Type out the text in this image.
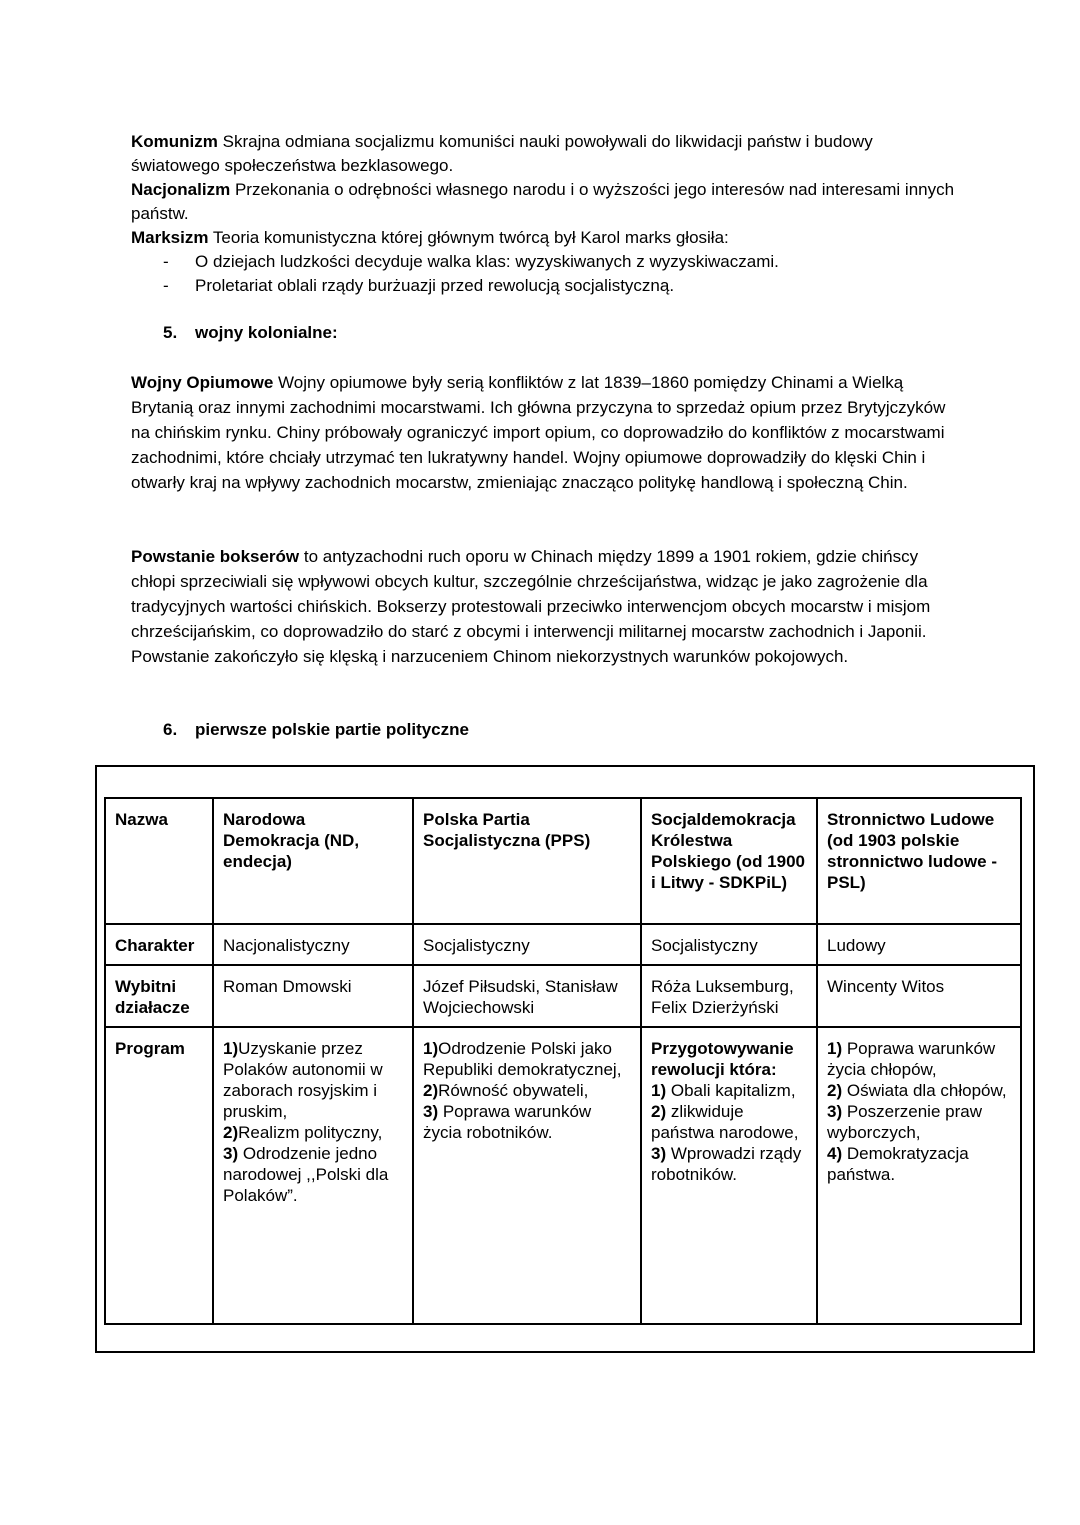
Komunizm Skrajna odmiana socjalizmu komuniści nauki powoływali do likwidacji państw i budowy światowego społeczeństwa bezklasowego.

Nacjonalizm Przekonania o odrębności własnego narodu i o wyższości jego interesów nad interesami innych państw.

Marksizm Teoria komunistyczna której głównym twórcą był Karol marks głosiła:

- O dziejach ludzkości decyduje walka klas: wyzyskiwanych z wyzyskiwaczami.
- Proletariat oblali rządy burżuazji przed rewolucją socjalistyczną.
5. wojny kolonialne:

Wojny Opiumowe Wojny opiumowe były serią konfliktów z lat 1839–1860 pomiędzy Chinami a Wielką Brytanią oraz innymi zachodnimi mocarstwami. Ich główna przyczyna to sprzedaż opium przez Brytyjczyków na chińskim rynku. Chiny próbowały ograniczyć import opium, co doprowadziło do konfliktów z mocarstwami zachodnimi, które chciały utrzymać ten lukratywny handel. Wojny opiumowe doprowadziły do klęski Chin i otwarły kraj na wpływy zachodnich mocarstw, zmieniając znacząco politykę handlową i społeczną Chin.

Powstanie bokserów to antyzachodni ruch oporu w Chinach między 1899 a 1901 rokiem, gdzie chińscy chłopi sprzeciwiali się wpływowi obcych kultur, szczególnie chrześcijaństwa, widząc je jako zagrożenie dla tradycyjnych wartości chińskich. Bokserzy protestowali przeciwko interwencjom obcych mocarstw i misjom chrześcijańskim, co doprowadziło do starć z obcymi i interwencji militarnej mocarstw zachodnich i Japonii. Powstanie zakończyło się klęską i narzuceniem Chinom niekorzystnych warunków pokojowych.

6. pierwsze polskie partie polityczne
Nazwa	Narodowa Demokracja (ND, endecja)	Polska Partia Socjalistyczna (PPS)	Socjaldemokracja Królestwa Polskiego (od 1900 i Litwy - SDKPiL)	Stronnictwo Ludowe (od 1903 polskie stronnictwo ludowe - PSL)
Charakter	Nacjonalistyczny	Socjalistyczny	Socjalistyczny	Ludowy
Wybitni działacze	Roman Dmowski	Józef Piłsudski, Stanisław Wojciechowski	Róża Luksemburg, Felix Dzierżyński	Wincenty Witos
Program	1)Uzyskanie przez Polaków autonomii w zaborach rosyjskim i pruskim,
2)Realizm polityczny,
3) Odrodzenie jedno narodowej ,,Polski dla Polaków”.	1)Odrodzenie Polski jako Republiki demokratycznej,
2)Równość obywateli,
3) Poprawa warunków życia robotników.	Przygotowywanie rewolucji która:
1) Obali kapitalizm,
2) zlikwiduje państwa narodowe,
3) Wprowadzi rządy robotników.	1) Poprawa warunków życia chłopów,
2) Oświata dla chłopów,
3) Poszerzenie praw wyborczych,
4) Demokratyzacja państwa.
